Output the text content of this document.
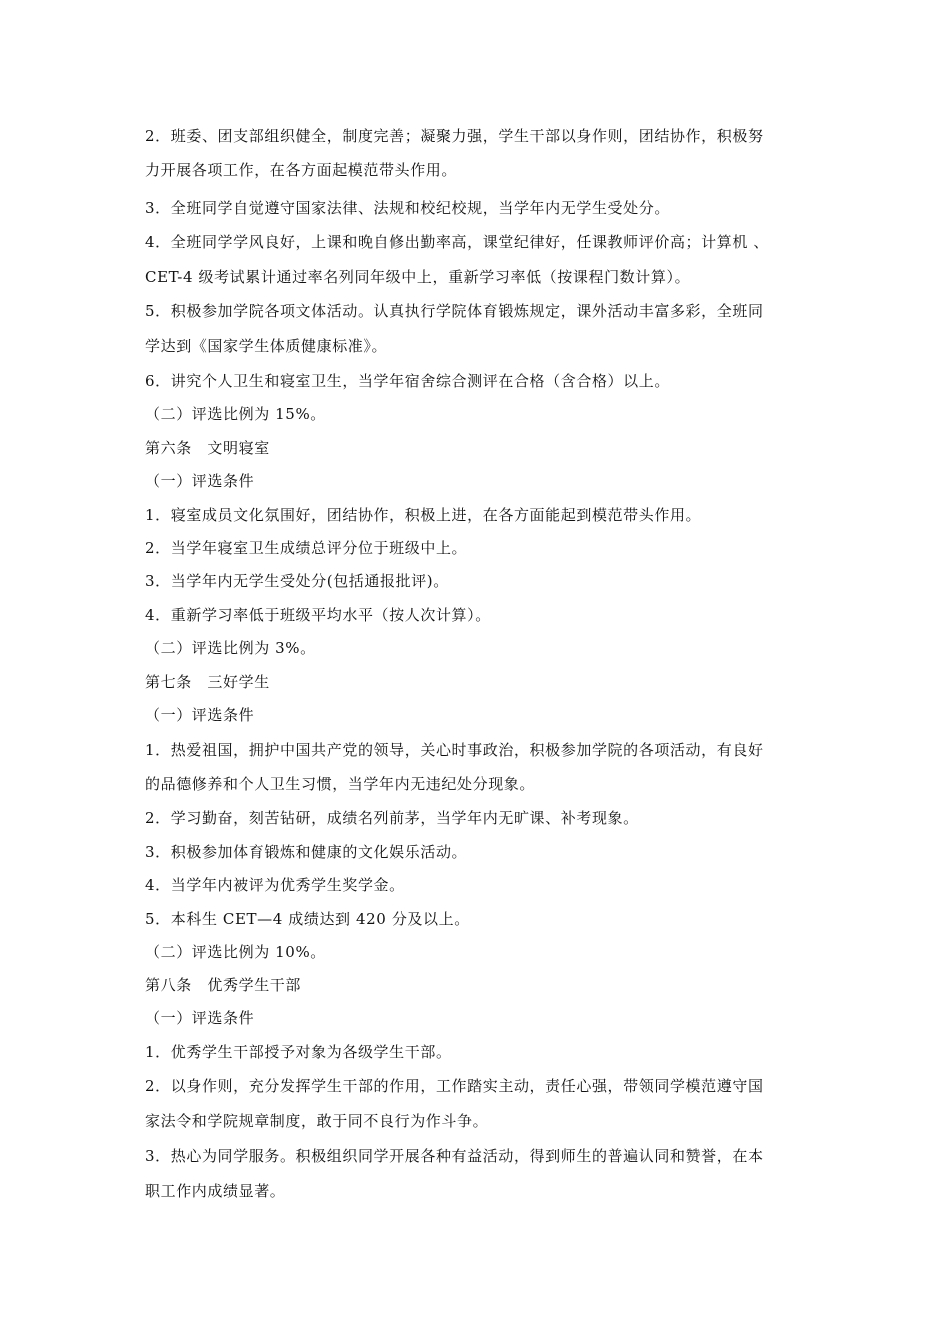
2．班委、团支部组织健全，制度完善；凝聚力强，学生干部以身作则，团结协作，积极努
力开展各项工作，在各方面起模范带头作用。
3．全班同学自觉遵守国家法律、法规和校纪校规，当学年内无学生受处分。
4．全班同学学风良好，上课和晚自修出勤率高，课堂纪律好，任课教师评价高；计算机 、
CET-4 级考试累计通过率名列同年级中上，重新学习率低（按课程门数计算）。
5．积极参加学院各项文体活动。认真执行学院体育锻炼规定，课外活动丰富多彩，全班同
学达到《国家学生体质健康标准》。
6．讲究个人卫生和寝室卫生，当学年宿舍综合测评在合格（含合格）以上。
（二）评选比例为 15%。
第六条　文明寝室
（一）评选条件
1．寝室成员文化氛围好，团结协作，积极上进，在各方面能起到模范带头作用。
2．当学年寝室卫生成绩总评分位于班级中上。
3．当学年内无学生受处分(包括通报批评)。
4．重新学习率低于班级平均水平（按人次计算）。
（二）评选比例为 3%。
第七条　三好学生
（一）评选条件
1．热爱祖国，拥护中国共产党的领导，关心时事政治，积极参加学院的各项活动，有良好
的品德修养和个人卫生习惯，当学年内无违纪处分现象。
2．学习勤奋，刻苦钻研，成绩名列前茅，当学年内无旷课、补考现象。
3．积极参加体育锻炼和健康的文化娱乐活动。
4．当学年内被评为优秀学生奖学金。
5．本科生 CET—4 成绩达到 420 分及以上。
（二）评选比例为 10%。
第八条　优秀学生干部
（一）评选条件
1．优秀学生干部授予对象为各级学生干部。
2．以身作则，充分发挥学生干部的作用，工作踏实主动，责任心强，带领同学模范遵守国
家法令和学院规章制度，敢于同不良行为作斗争。
3．热心为同学服务。积极组织同学开展各种有益活动，得到师生的普遍认同和赞誉，在本
职工作内成绩显著。
